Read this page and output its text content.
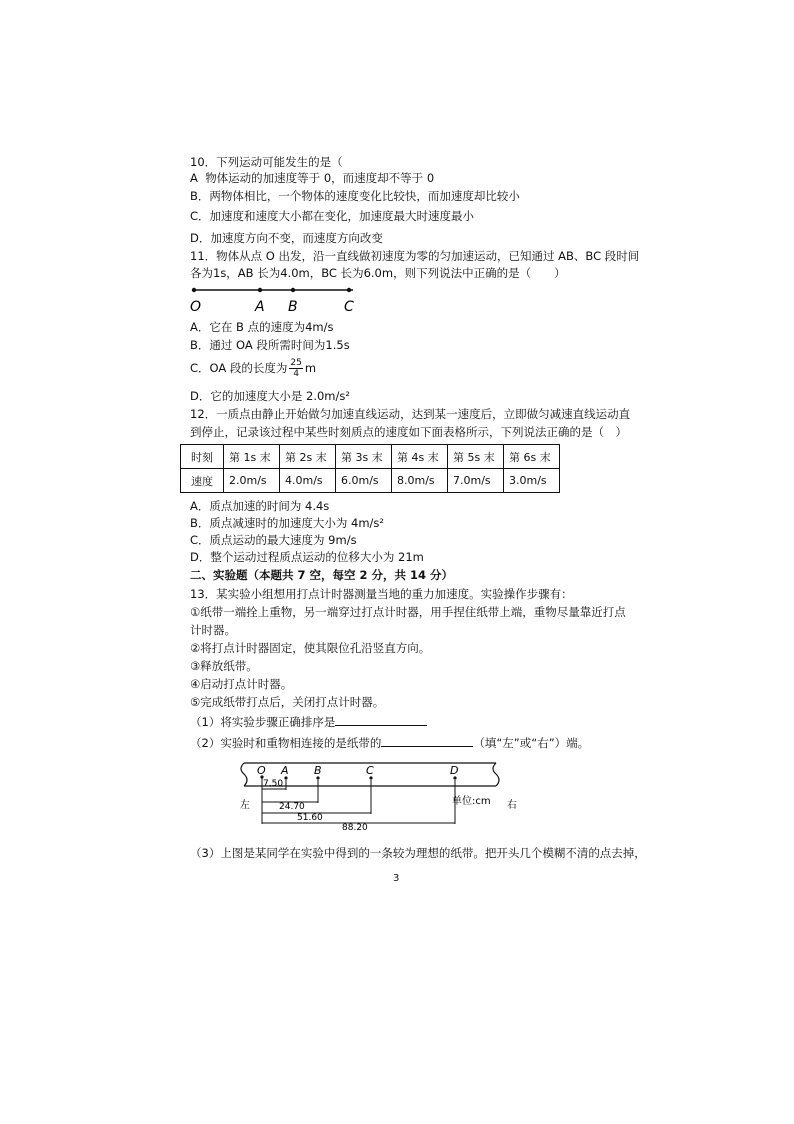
10．下列运动可能发生的是（
A 物体运动的加速度等于 0，而速度却不等于 0
B．两物体相比，一个物体的速度变化比较快，而加速度却比较小
C．加速度和速度大小都在变化，加速度最大时速度最小
D．加速度方向不变，而速度方向改变
11．物体从点 O 出发，沿一直线做初速度为零的匀加速运动，已知通过 AB、BC 段时间
各为1s，AB 长为4.0m，BC 长为6.0m，则下列说法中正确的是（　　）
O	A B	C
A．它在 B 点的速度为4m/s
B．通过 OA 段所需时间为1.5s
C．OA 段的长度为 $\frac{25}{4}$ m
D．它的加速度大小是 2.0m/s²
12．一质点由静止开始做匀加速直线运动，达到某一速度后，立即做匀减速直线运动直
到停止，记录该过程中某些时刻质点的速度如下面表格所示，下列说法正确的是（　）
时刻	第 1s 末	第 2s 末	第 3s 末	第 4s 末	第 5s 末	第 6s 末
速度	2.0m/s	4.0m/s	6.0m/s	8.0m/s	7.0m/s	3.0m/s
A．质点加速的时间为 4.4s
B．质点减速时的加速度大小为 4m/s²
C．质点运动的最大速度为 9m/s
D．整个运动过程质点运动的位移大小为 21m
二、实验题（本题共 7 空，每空 2 分，共 14 分）
13．某实验小组想用打点计时器测量当地的重力加速度。实验操作步骤有：
①纸带一端拴上重物，另一端穿过打点计时器，用手捏住纸带上端，重物尽量靠近打点
计时器。
②将打点计时器固定，使其限位孔沿竖直方向。
③释放纸带。
④启动打点计时器。
⑤完成纸带打点后，关闭打点计时器。
（1）将实验步骤正确排序是
（2）实验时和重物相连接的是纸带的	（填“左”或“右”）端。
O A B	C	D
7.50
24.70
51.60
88.20
左	单位:cm 右
（3）上图是某同学在实验中得到的一条较为理想的纸带。把开头几个模糊不清的点去掉，
3
